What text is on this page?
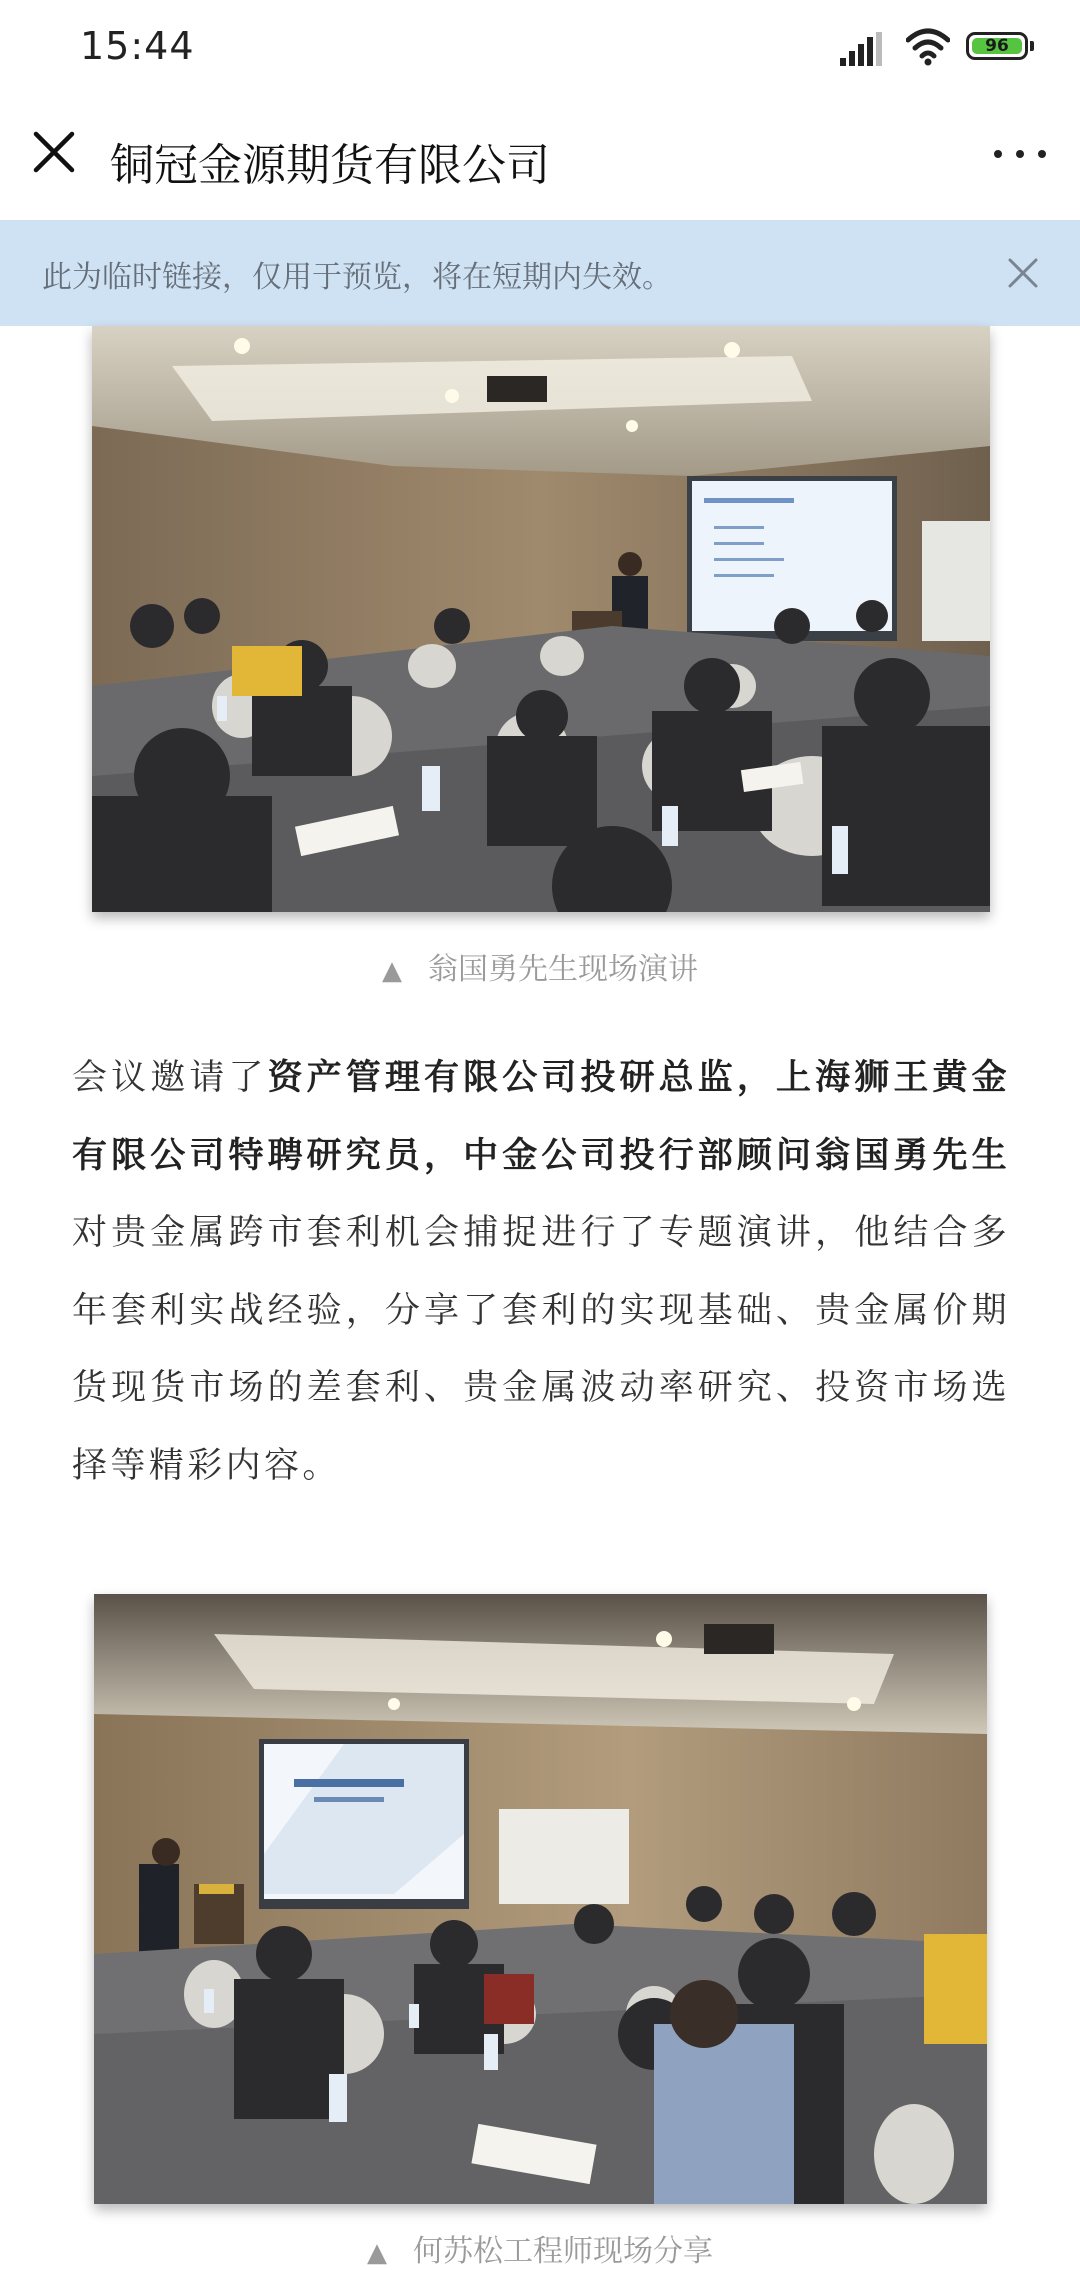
15:44	96
铜冠金源期货有限公司
此为临时链接，仅用于预览，将在短期内失效。
▲ 翁国勇先生现场演讲
会议邀请了资产管理有限公司投研总监，上海狮王黄金有限公司特聘研究员，中金公司投行部顾问翁国勇先生对贵金属跨市套利机会捕捉进行了专题演讲，他结合多年套利实战经验，分享了套利的实现基础、贵金属价期货现货市场的差套利、贵金属波动率研究、投资市场选择等精彩内容。
▲ 何苏松工程师现场分享
